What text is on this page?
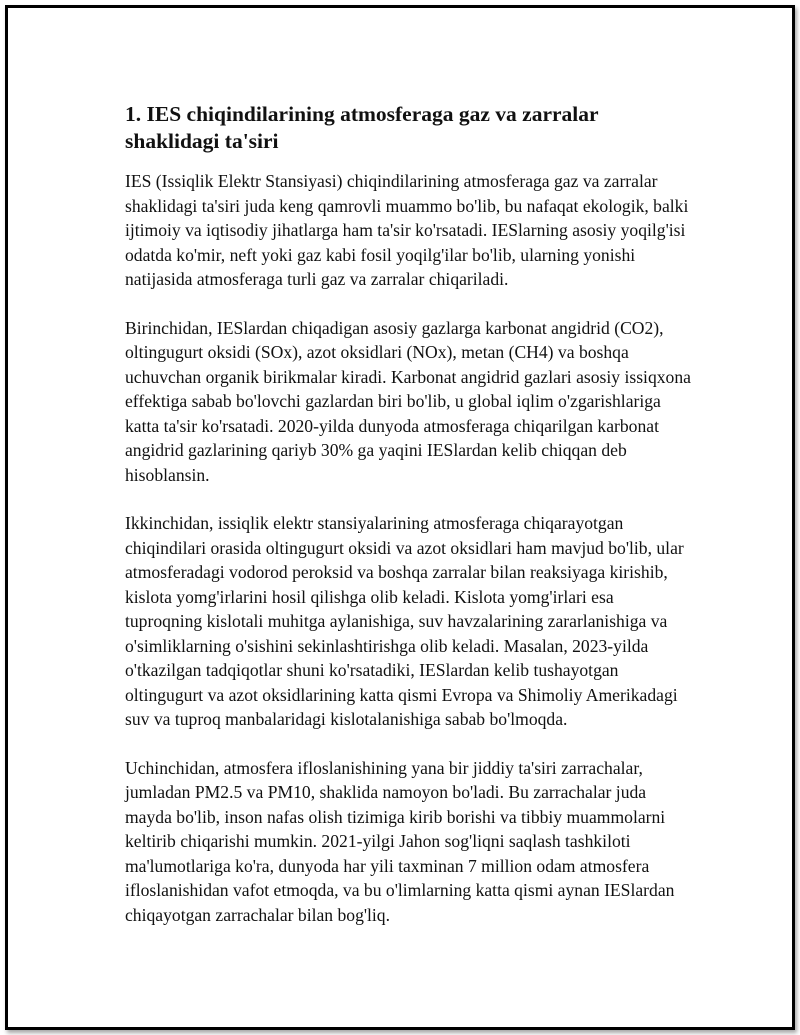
1. IES chiqindilarining atmosferaga gaz va zarralar shaklidagi ta'siri

IES (Issiqlik Elektr Stansiyasi) chiqindilarining atmosferaga gaz va zarralar shaklidagi ta'siri juda keng qamrovli muammo bo'lib, bu nafaqat ekologik, balki ijtimoiy va iqtisodiy jihatlarga ham ta'sir ko'rsatadi. IESlarning asosiy yoqilg'isi odatda ko'mir, neft yoki gaz kabi fosil yoqilg'ilar bo'lib, ularning yonishi natijasida atmosferaga turli gaz va zarralar chiqariladi.

Birinchidan, IESlardan chiqadigan asosiy gazlarga karbonat angidrid (CO2), oltingugurt oksidi (SOx), azot oksidlari (NOx), metan (CH4) va boshqa uchuvchan organik birikmalar kiradi. Karbonat angidrid gazlari asosiy issiqxona effektiga sabab bo'lovchi gazlardan biri bo'lib, u global iqlim o'zgarishlariga katta ta'sir ko'rsatadi. 2020-yilda dunyoda atmosferaga chiqarilgan karbonat angidrid gazlarining qariyb 30% ga yaqini IESlardan kelib chiqqan deb hisoblansin.

Ikkinchidan, issiqlik elektr stansiyalarining atmosferaga chiqarayotgan chiqindilari orasida oltingugurt oksidi va azot oksidlari ham mavjud bo'lib, ular atmosferadagi vodorod peroksid va boshqa zarralar bilan reaksiyaga kirishib, kislota yomg'irlarini hosil qilishga olib keladi. Kislota yomg'irlari esa tuproqning kislotali muhitga aylanishiga, suv havzalarining zararlanishiga va o'simliklarning o'sishini sekinlashtirishga olib keladi. Masalan, 2023-yilda o'tkazilgan tadqiqotlar shuni ko'rsatadiki, IESlardan kelib tushayotgan oltingugurt va azot oksidlarining katta qismi Evropa va Shimoliy Amerikadagi suv va tuproq manbalaridagi kislotalanishiga sabab bo'lmoqda.

Uchinchidan, atmosfera ifloslanishining yana bir jiddiy ta'siri zarrachalar, jumladan PM2.5 va PM10, shaklida namoyon bo'ladi. Bu zarrachalar juda mayda bo'lib, inson nafas olish tizimiga kirib borishi va tibbiy muammolarni keltirib chiqarishi mumkin. 2021-yilgi Jahon sog'liqni saqlash tashkiloti ma'lumotlariga ko'ra, dunyoda har yili taxminan 7 million odam atmosfera ifloslanishidan vafot etmoqda, va bu o'limlarning katta qismi aynan IESlardan chiqayotgan zarrachalar bilan bog'liq.
